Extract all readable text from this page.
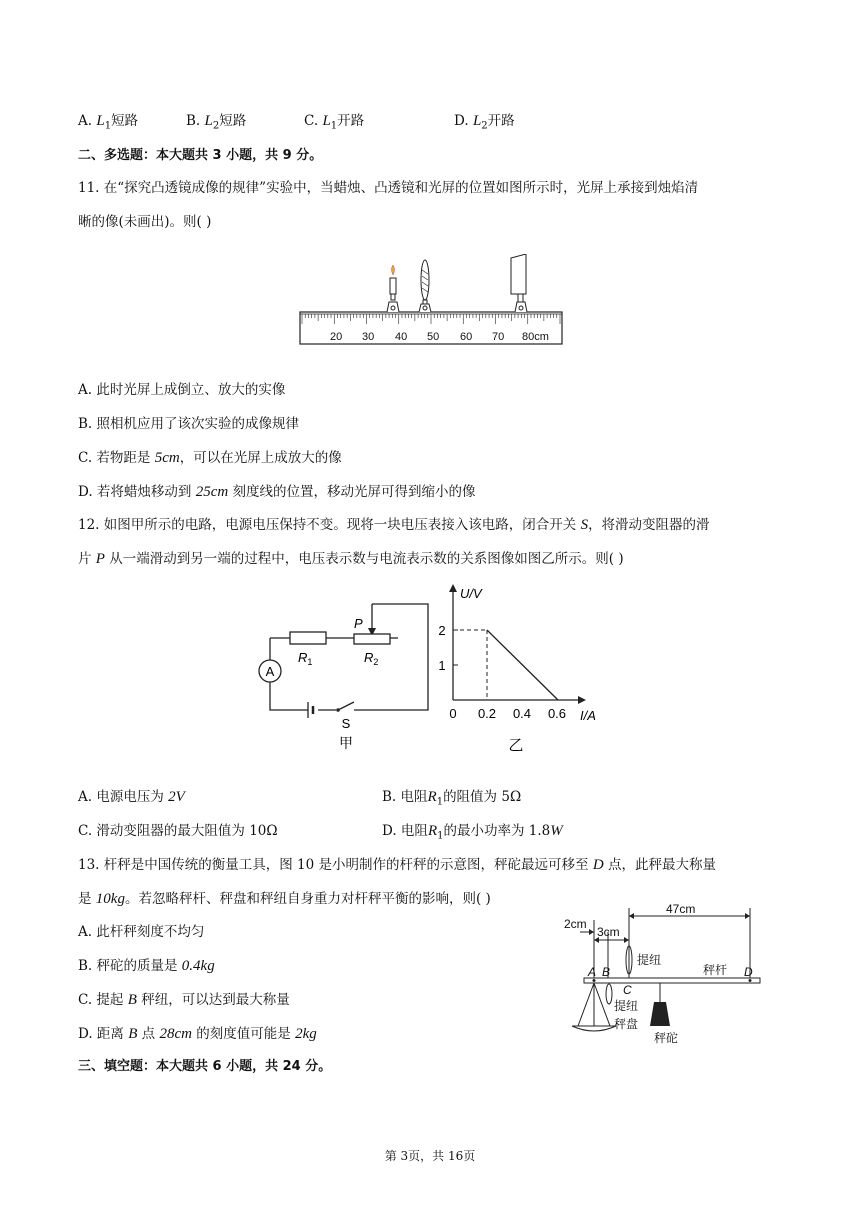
A. $L_1$短路	B. $L_2$短路	C. $L_1$开路	D. $L_2$开路
二、多选题：本大题共 3 小题，共 9 分。
11. 在“探究凸透镜成像的规律”实验中，当蜡烛、凸透镜和光屏的位置如图所示时，光屏上承接到烛焰清
晰的像(未画出)。则( )
20 30 40 50 60 70 80cm
A. 此时光屏上成倒立、放大的实像
B. 照相机应用了该次实验的成像规律
C. 若物距是 5cm，可以在光屏上成放大的像
D. 若将蜡烛移动到 25cm 刻度线的位置，移动光屏可得到缩小的像
12. 如图甲所示的电路，电源电压保持不变。现将一块电压表接入该电路，闭合开关 S，将滑动变阻器的滑
片 P 从一端滑动到另一端的过程中，电压表示数与电流表示数的关系图像如图乙所示。则( )
A
P
$R_1$	$R_2$
S
甲
U/V
I/A
2
1
0 0.2 0.4 0.6
乙
A. 电源电压为 2V	B. 电阻$R_1$的阻值为 5Ω
C. 滑动变阻器的最大阻值为 10Ω	D. 电阻$R_1$的最小功率为 1.8W
13. 杆秤是中国传统的衡量工具，图 10 是小明制作的杆秤的示意图，秤砣最远可移至 D 点，此秤最大称量
是 10kg。若忽略秤杆、秤盘和秤纽自身重力对杆秤平衡的影响，则( )
A. 此杆秤刻度不均匀
B. 秤砣的质量是 0.4kg
C. 提起 B 秤纽，可以达到最大称量
D. 距离 B 点 28cm 的刻度值可能是 2kg
2cm
3cm
47cm
A B
C
D
提纽
提纽
秤杆
秤盘
秤砣
三、填空题：本大题共 6 小题，共 24 分。
第 3页，共 16页
